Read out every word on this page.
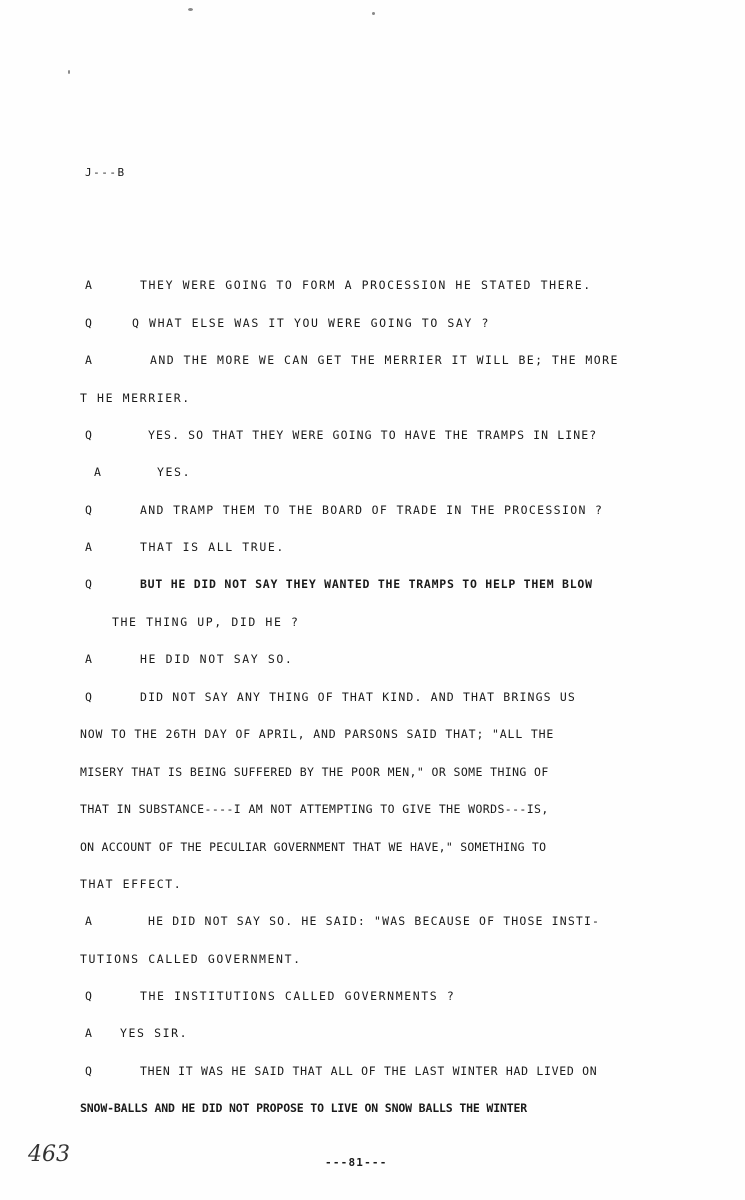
J---B
A	THEY WERE GOING TO FORM A PROCESSION HE STATED THERE.
Q	Q WHAT ELSE WAS IT YOU WERE GOING TO SAY ?
A	AND THE MORE WE CAN GET THE MERRIER IT WILL BE; THE MORE
T HE MERRIER.
Q	YES. SO THAT THEY WERE GOING TO HAVE THE TRAMPS IN LINE?
A	YES.
Q	AND TRAMP THEM TO THE BOARD OF TRADE IN THE PROCESSION ?
A	THAT IS ALL TRUE.
Q	BUT HE DID NOT SAY THEY WANTED THE TRAMPS TO HELP THEM BLOW
THE THING UP, DID HE ?
A	HE DID NOT SAY SO.
Q	DID NOT SAY ANY THING OF THAT KIND. AND THAT BRINGS US
NOW TO THE 26TH DAY OF APRIL, AND PARSONS SAID THAT; "ALL THE
MISERY THAT IS BEING SUFFERED BY THE POOR MEN," OR SOME THING OF
THAT IN SUBSTANCE----I AM NOT ATTEMPTING TO GIVE THE WORDS---IS,
ON ACCOUNT OF THE PECULIAR GOVERNMENT THAT WE HAVE," SOMETHING TO
THAT EFFECT.
A	HE DID NOT SAY SO. HE SAID: "WAS BECAUSE OF THOSE INSTI-
TUTIONS CALLED GOVERNMENT.
Q	THE INSTITUTIONS CALLED GOVERNMENTS ?
A YES SIR.
Q	THEN IT WAS HE SAID THAT ALL OF THE LAST WINTER HAD LIVED ON
SNOW-BALLS AND HE DID NOT PROPOSE TO LIVE ON SNOW BALLS THE WINTER
463	---81---
